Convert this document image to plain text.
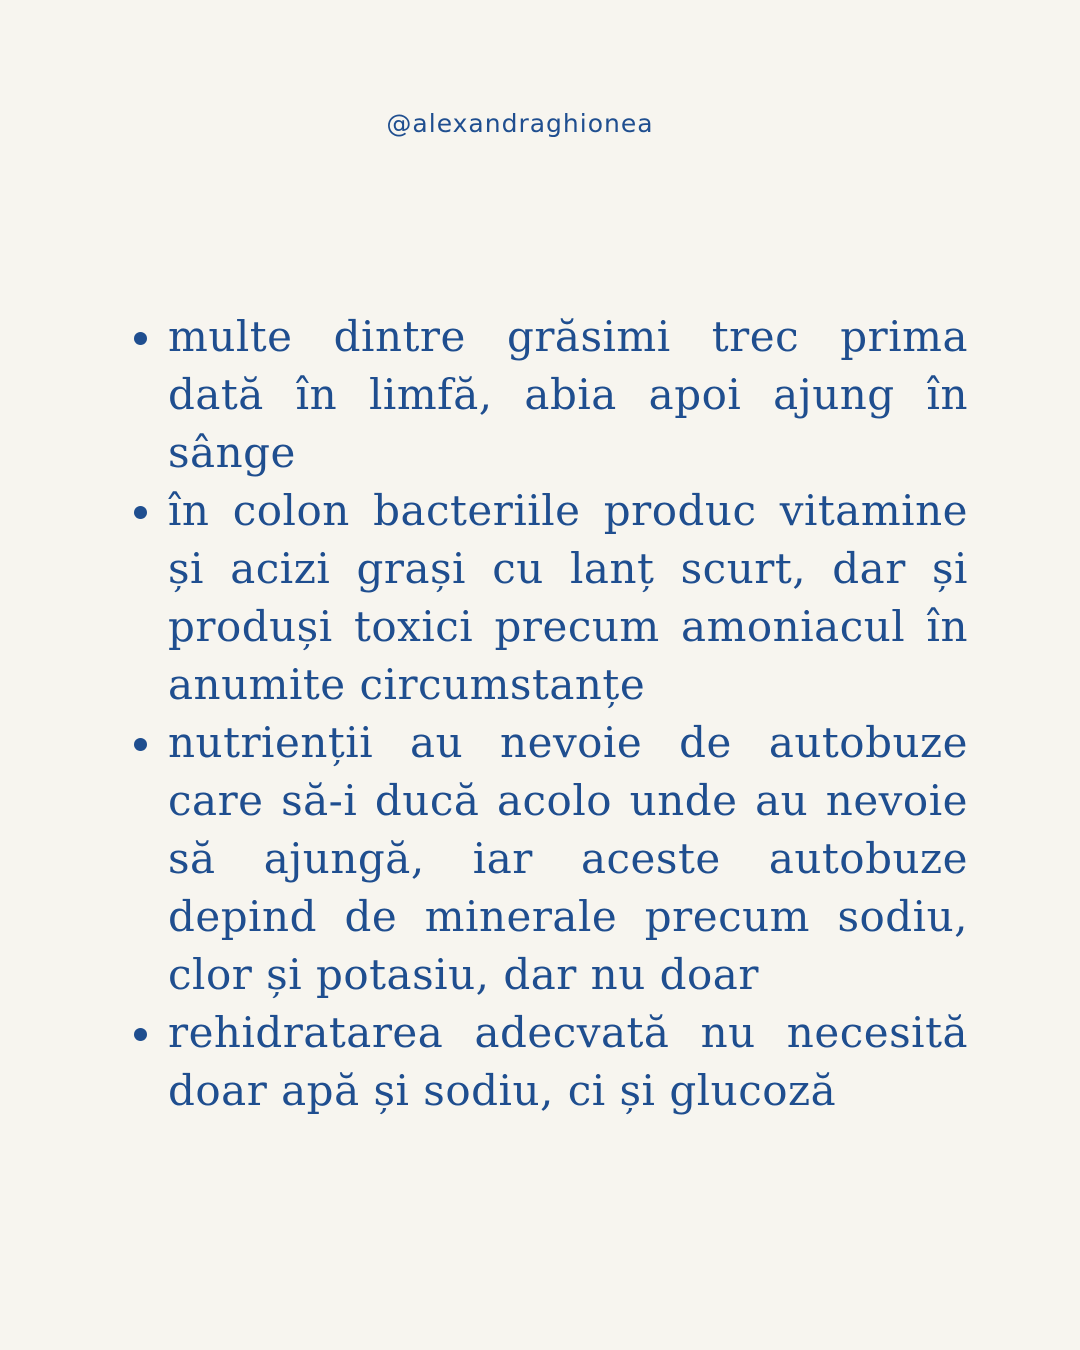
@alexandraghionea
multe dintre grăsimi trec prima dată în limfă, abia apoi ajung în sânge
în colon bacteriile produc vitamine și acizi grași cu lanț scurt, dar și produși toxici precum amoniacul în anumite circumstanțe
nutrienții au nevoie de autobuze care să-i ducă acolo unde au nevoie să ajungă, iar aceste autobuze depind de minerale precum sodiu, clor și potasiu, dar nu doar
rehidratarea adecvată nu necesită doar apă și sodiu, ci și glucoză
